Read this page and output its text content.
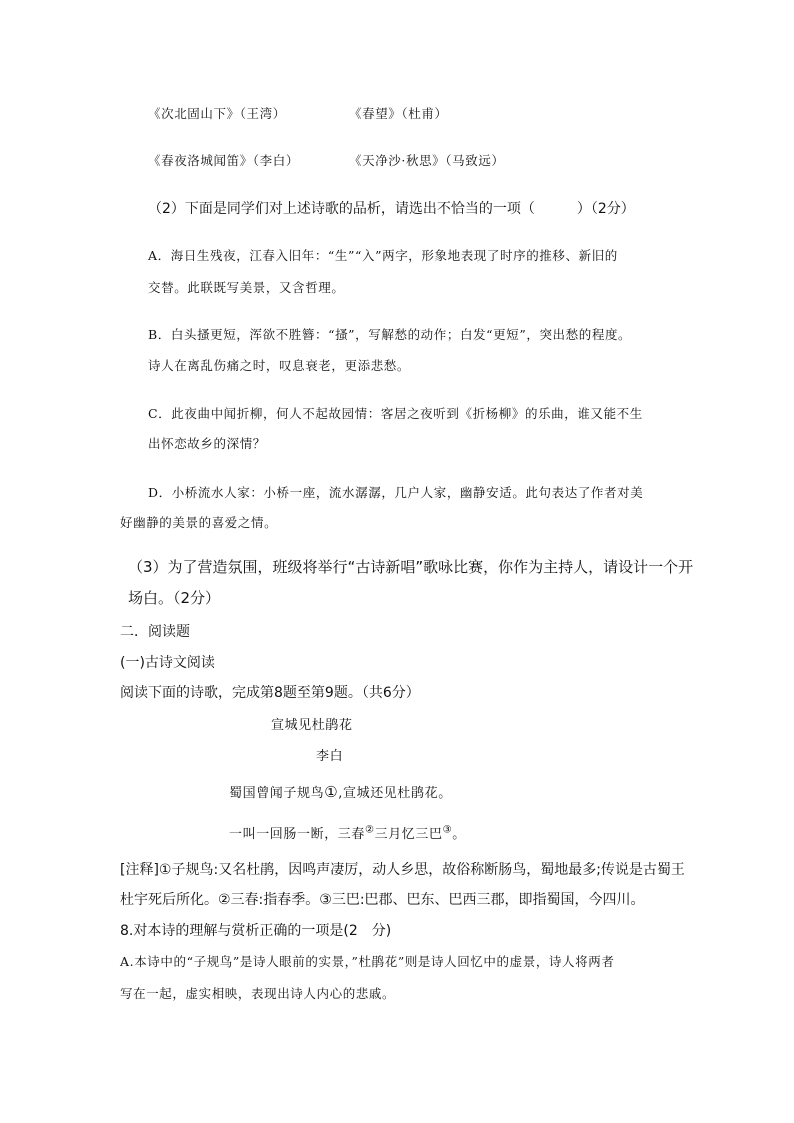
《次北固山下》（王湾）	《春望》（杜甫）
《春夜洛城闻笛》（李白）	《天净沙·秋思》（马致远）
（2）下面是同学们对上述诗歌的品析，请选出不恰当的一项（　　　）（2分）
A．海日生残夜，江春入旧年：“生”“入”两字，形象地表现了时序的推移、新旧的
交替。此联既写美景，又含哲理。
B．白头搔更短，浑欲不胜簪：“搔”，写解愁的动作；白发“更短”，突出愁的程度。
诗人在离乱伤痛之时，叹息衰老，更添悲愁。
C．此夜曲中闻折柳，何人不起故园情：客居之夜听到《折杨柳》的乐曲，谁又能不生
出怀恋故乡的深情？
D．小桥流水人家：小桥一座，流水潺潺，几户人家，幽静安适。此句表达了作者对美
好幽静的美景的喜爱之情。
（3）为了营造氛围，班级将举行“古诗新唱”歌咏比赛，你作为主持人，请设计一个开
场白。（2分）
二．阅读题
(一)古诗文阅读
阅读下面的诗歌，完成第8题至第9题。（共6分）
宣城见杜鹃花
李白
蜀国曾闻子规鸟①,宣城还见杜鹃花。
一叫一回肠一断，三春②三月忆三巴③。
[注释]①子规鸟:又名杜鹃，因鸣声凄厉，动人乡思，故俗称断肠鸟，蜀地最多;传说是古蜀王
杜宇死后所化。②三春:指春季。③三巴:巴郡、巴东、巴西三郡，即指蜀国，今四川。
8.对本诗的理解与赏析正确的一项是(2　分)
A.本诗中的“子规鸟”是诗人眼前的实景，”杜鹃花”则是诗人回忆中的虚景，诗人将两者
写在一起，虚实相映，表现出诗人内心的悲戚。
